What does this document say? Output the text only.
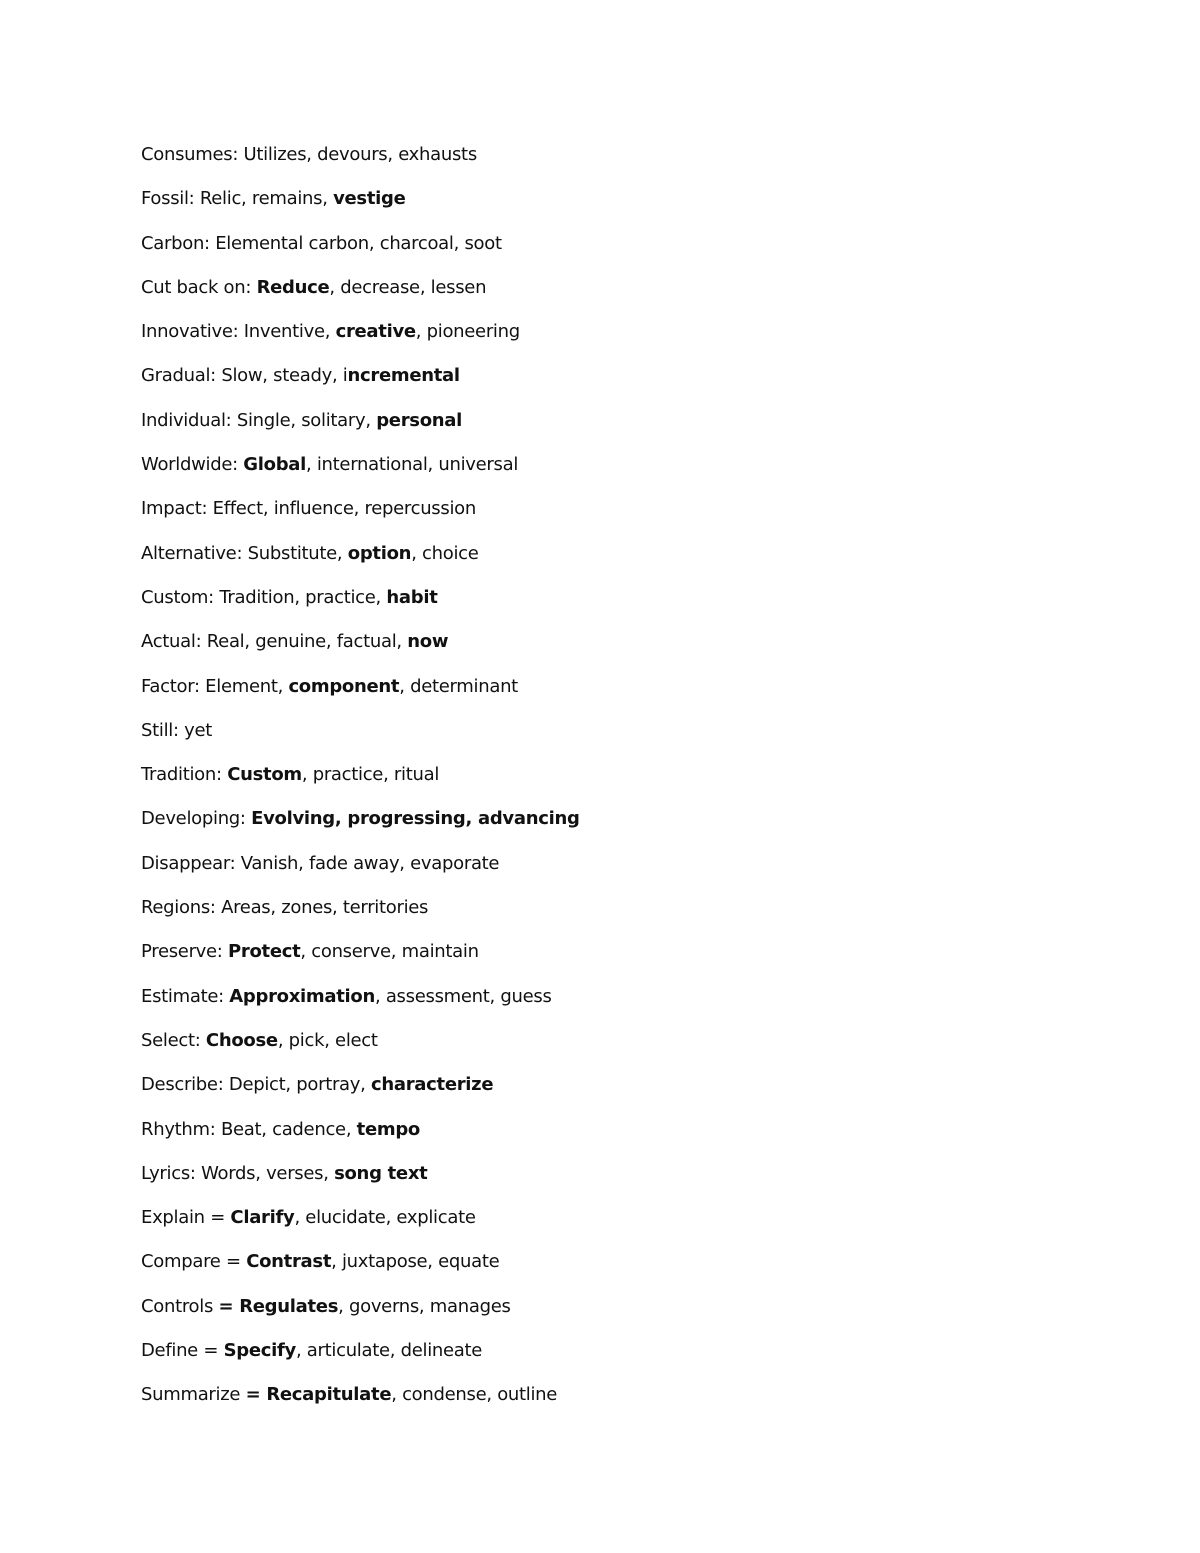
Consumes: Utilizes, devours, exhausts
Fossil: Relic, remains, vestige
Carbon: Elemental carbon, charcoal, soot
Cut back on: Reduce, decrease, lessen
Innovative: Inventive, creative, pioneering
Gradual: Slow, steady, incremental
Individual: Single, solitary, personal
Worldwide: Global, international, universal
Impact: Effect, influence, repercussion
Alternative: Substitute, option, choice
Custom: Tradition, practice, habit
Actual: Real, genuine, factual, now
Factor: Element, component, determinant
Still: yet
Tradition: Custom, practice, ritual
Developing: Evolving, progressing, advancing
Disappear: Vanish, fade away, evaporate
Regions: Areas, zones, territories
Preserve: Protect, conserve, maintain
Estimate: Approximation, assessment, guess
Select: Choose, pick, elect
Describe: Depict, portray, characterize
Rhythm: Beat, cadence, tempo
Lyrics: Words, verses, song text
Explain = Clarify, elucidate, explicate
Compare = Contrast, juxtapose, equate
Controls = Regulates, governs, manages
Define = Specify, articulate, delineate
Summarize = Recapitulate, condense, outline
